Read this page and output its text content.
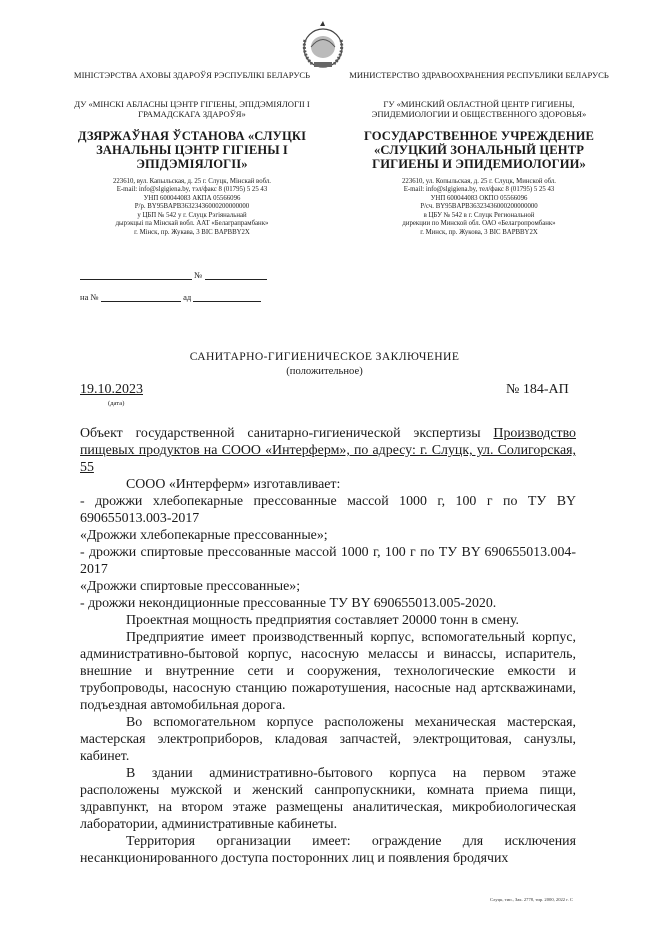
МІНІСТЭРСТВА АХОВЫ ЗДАРОЎЯ РЭСПУБЛІКІ БЕЛАРУСЬ
ДУ «МІНСКІ АБЛАСНЫ ЦЭНТР ГІГІЕНЫ, ЭПІДЭМІЯЛОГІІ І ГРАМАДСКАГА ЗДАРОЎЯ»
ДЗЯРЖАЎНАЯ ЎСТАНОВА «СЛУЦКІ ЗАНАЛЬНЫ ЦЭНТР ГІГІЕНЫ І ЭПІДЭМІЯЛОГІІ»
223610, вул. Капыльская, д. 25 г. Слуцк, Мінскай вобл.
E-mail: info@slgigiena.by, тэл/факс 8 (01795) 5 25 43
УНП 600044083 АКПА 05566096
Р/р. BY95BAPB36323436000200000000
у ЦБП № 542 у г. Слуцк Рэгіянальнай
дырэкцыі па Мінскай вобл. ААТ «Белаграпрамбанк»
г. Мінск, пр. Жукава, 3 BIC BAPBBY2X
МИНИСТЕРСТВО ЗДРАВООХРАНЕНИЯ РЕСПУБЛИКИ БЕЛАРУСЬ
ГУ «МИНСКИЙ ОБЛАСТНОЙ ЦЕНТР ГИГИЕНЫ, ЭПИДЕМИОЛОГИИ И ОБЩЕСТВЕННОГО ЗДОРОВЬЯ»
ГОСУДАРСТВЕННОЕ УЧРЕЖДЕНИЕ «СЛУЦКИЙ ЗОНАЛЬНЫЙ ЦЕНТР ГИГИЕНЫ И ЭПИДЕМИОЛОГИИ»
223610, ул. Копыльская, д. 25 г. Слуцк, Минской обл.
E-mail: info@slgigiena.by, тел/факс 8 (01795) 5 25 43
УНП 600044083 ОКПО 05566096
Р/сч. BY95BAPB36323436000200000000
в ЦБУ № 542 в г. Слуцк Региональной
дирекции по Минской обл. ОАО «Белагропромбанк»
г. Минск, пр. Жукова, 3 BIC BAPBBY2X
№
на №	ад
САНИТАРНО-ГИГИЕНИЧЕСКОЕ ЗАКЛЮЧЕНИЕ
(положительное)
19.10.2023
(дата)
№ 184-АП

Объект государственной санитарно-гигиенической экспертизы Производство пищевых продуктов на СООО «Интерферм», по адресу: г. Слуцк, ул. Солигорская, 55

СООО «Интерферм» изготавливает:

- дрожжи хлебопекарные прессованные массой 1000 г, 100 г по ТУ BY 690655013.003-2017

«Дрожжи хлебопекарные прессованные»;

- дрожжи спиртовые прессованные массой 1000 г, 100 г по ТУ BY 690655013.004-2017

«Дрожжи спиртовые прессованные»;

- дрожжи некондиционные прессованные ТУ BY 690655013.005-2020.

Проектная мощность предприятия составляет 20000 тонн в смену.

Предприятие имеет производственный корпус, вспомогательный корпус, административно-бытовой корпус, насосную мелассы и винассы, испаритель, внешние и внутренние сети и сооружения, технологические емкости и трубопроводы, насосную станцию пожаротушения, насосные над артскважинами, подъездная автомобильная дорога.

Во вспомогательном корпусе расположены механическая мастерская, мастерская электроприборов, кладовая запчастей, электрощитовая, санузлы, кабинет.

В здании административно-бытового корпуса на первом этаже расположены мужской и женский санпропускники, комната приема пищи, здравпункт, на втором этаже размещены аналитическая, микробиологическая лаборатории, административные кабинеты.

Территория организации имеет: ограждение для исключения несанкционированного доступа посторонних лиц и появления бродячих

Слуцк, тип., Зак. 2778, тир. 2000, 2022 г. С
